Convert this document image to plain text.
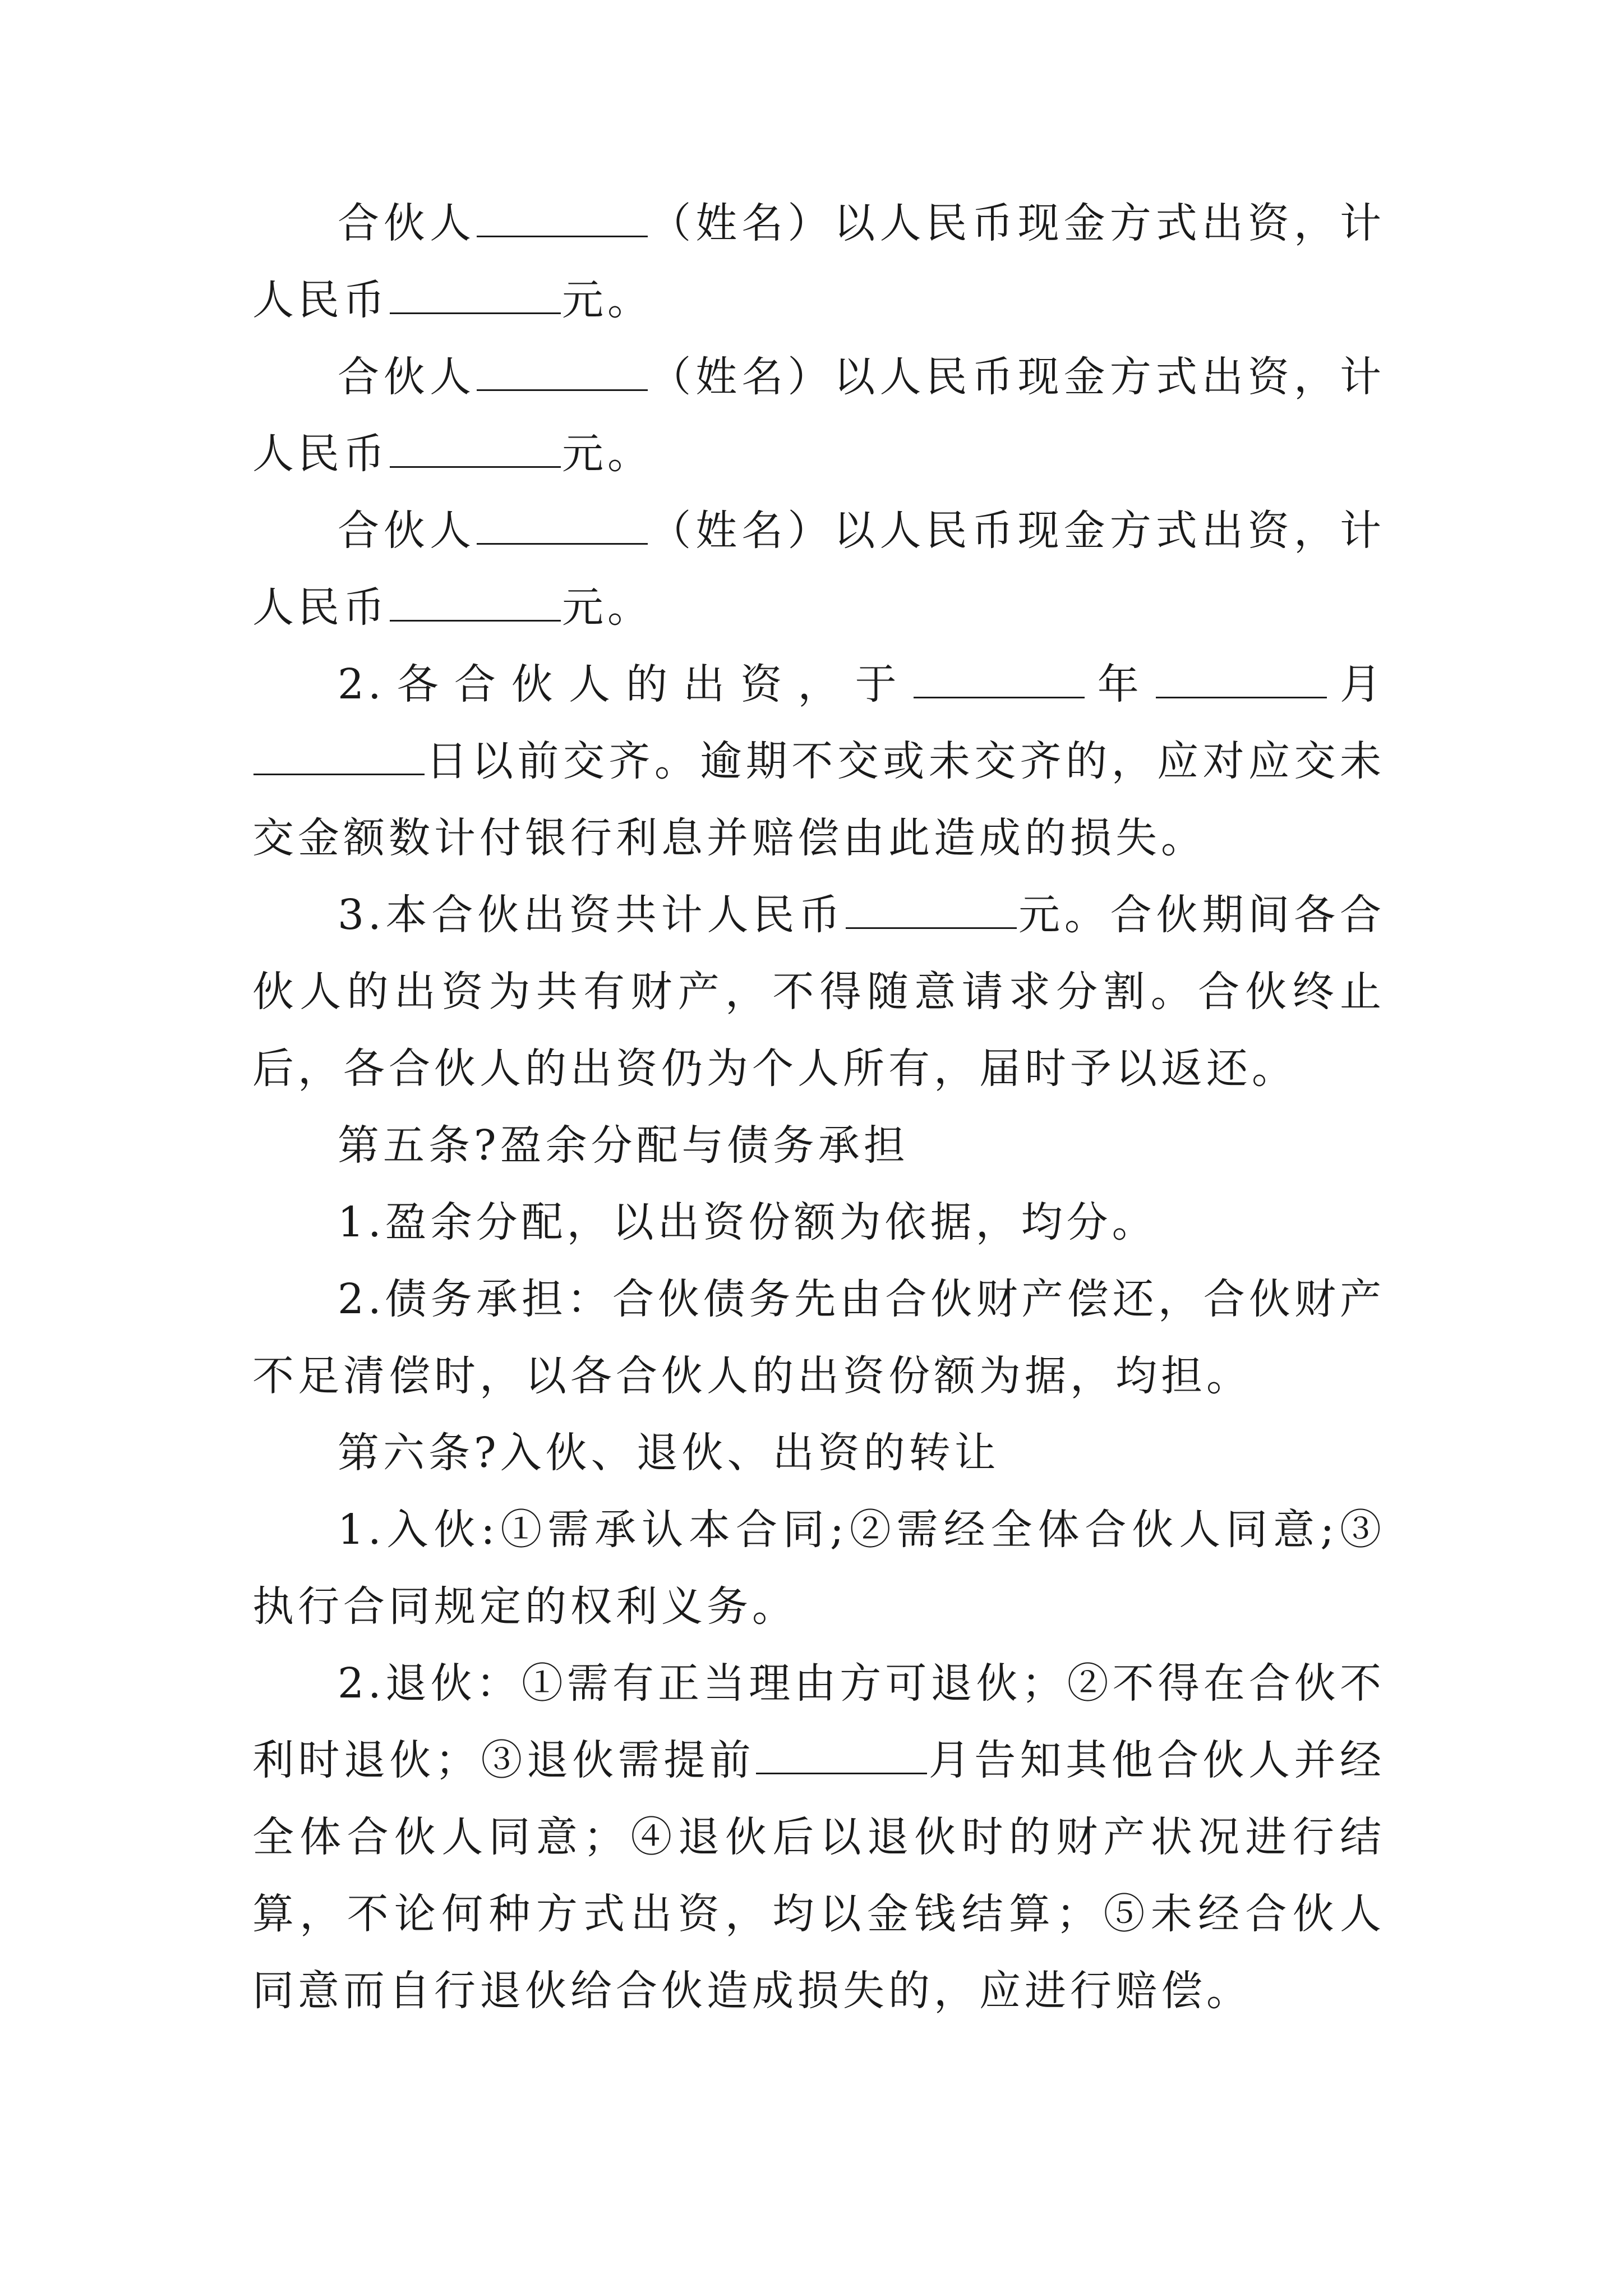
合伙人	（姓名）以人民币现金方式出资，计人民币	元。

合伙人	（姓名）以人民币现金方式出资，计人民币	元。

合伙人	（姓名）以人民币现金方式出资，计人民币	元。

2.各合伙人的出资，于	年	月日以前交齐。逾期不交或未交齐的，应对应交未交金额数计付银行利息并赔偿由此造成的损失。

3.本合伙出资共计人民币	元。合伙期间各合伙人的出资为共有财产，不得随意请求分割。合伙终止后，各合伙人的出资仍为个人所有，届时予以返还。

第五条?盈余分配与债务承担

1.盈余分配，以出资份额为依据，均分。

2.债务承担：合伙债务先由合伙财产偿还，合伙财产不足清偿时，以各合伙人的出资份额为据，均担。

第六条?入伙、退伙、出资的转让

1.入伙:①需承认本合同;②需经全体合伙人同意;③执行合同规定的权利义务。

2.退伙：①需有正当理由方可退伙；②不得在合伙不利时退伙；③退伙需提前	月告知其他合伙人并经全体合伙人同意；④退伙后以退伙时的财产状况进行结算，不论何种方式出资，均以金钱结算；⑤未经合伙人同意而自行退伙给合伙造成损失的，应进行赔偿。
